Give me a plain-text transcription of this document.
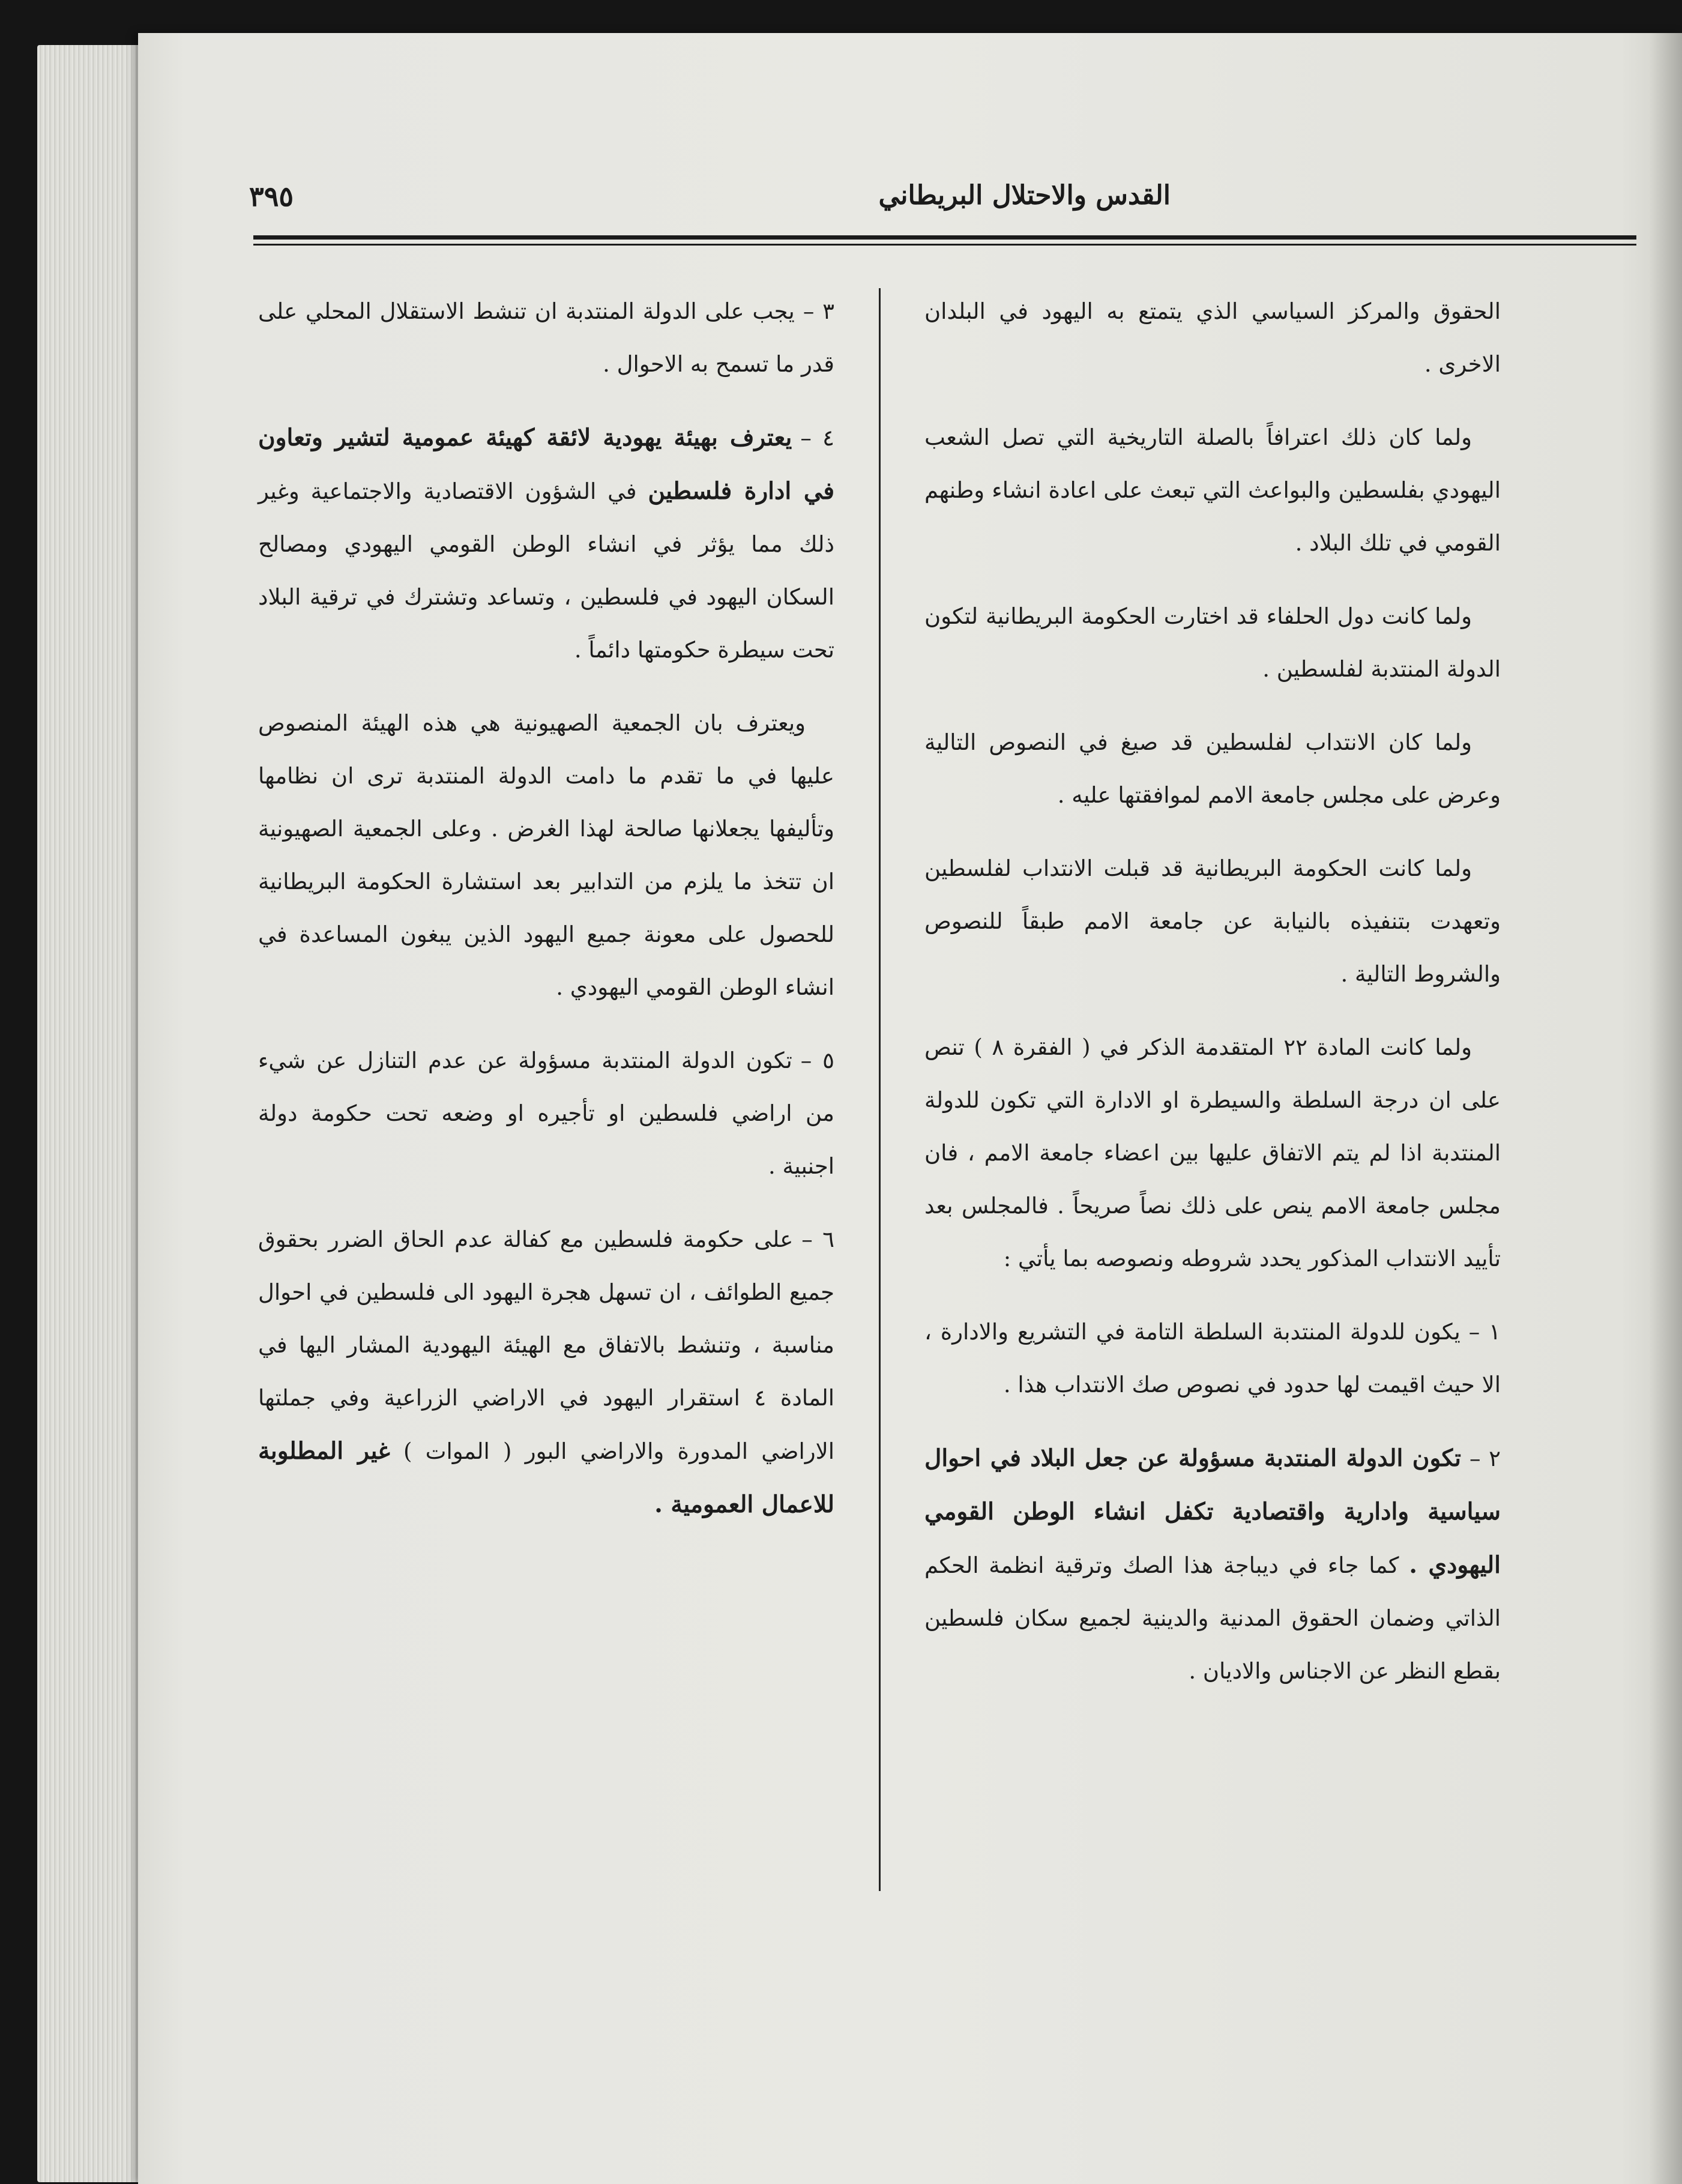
القدس والاحتلال البريطاني
٣٩٥

الحقوق والمركز السياسي الذي يتمتع به اليهود في البلدان الاخرى .

ولما كان ذلك اعترافاً بالصلة التاريخية التي تصل الشعب اليهودي بفلسطين والبواعث التي تبعث على اعادة انشاء وطنهم القومي في تلك البلاد .

ولما كانت دول الحلفاء قد اختارت الحكومة البريطانية لتكون الدولة المنتدبة لفلسطين .

ولما كان الانتداب لفلسطين قد صيغ في النصوص التالية وعرض على مجلس جامعة الامم لموافقتها عليه .

ولما كانت الحكومة البريطانية قد قبلت الانتداب لفلسطين وتعهدت بتنفيذه بالنيابة عن جامعة الامم طبقاً للنصوص والشروط التالية .

ولما كانت المادة ٢٢ المتقدمة الذكر في ( الفقرة ٨ ) تنص على ان درجة السلطة والسيطرة او الادارة التي تكون للدولة المنتدبة اذا لم يتم الاتفاق عليها بين اعضاء جامعة الامم ، فان مجلس جامعة الامم ينص على ذلك نصاً صريحاً . فالمجلس بعد تأييد الانتداب المذكور يحدد شروطه ونصوصه بما يأتي :

١ –يكون للدولة المنتدبة السلطة التامة في التشريع والادارة ، الا حيث اقيمت لها حدود في نصوص صك الانتداب هذا .

٢ –تكون الدولة المنتدبة مسؤولة عن جعل البلاد في احوال سياسية وادارية واقتصادية تكفل انشاء الوطن القومي اليهودي . كما جاء في ديباجة هذا الصك وترقية انظمة الحكم الذاتي وضمان الحقوق المدنية والدينية لجميع سكان فلسطين بقطع النظر عن الاجناس والاديان .

٣ –يجب على الدولة المنتدبة ان تنشط الاستقلال المحلي على قدر ما تسمح به الاحوال .

٤ –يعترف بهيئة يهودية لائقة كهيئة عمومية لتشير وتعاون في ادارة فلسطين في الشؤون الاقتصادية والاجتماعية وغير ذلك مما يؤثر في انشاء الوطن القومي اليهودي ومصالح السكان اليهود في فلسطين ، وتساعد وتشترك في ترقية البلاد تحت سيطرة حكومتها دائماً .

ويعترف بان الجمعية الصهيونية هي هذه الهيئة المنصوص عليها في ما تقدم ما دامت الدولة المنتدبة ترى ان نظامها وتأليفها يجعلانها صالحة لهذا الغرض . وعلى الجمعية الصهيونية ان تتخذ ما يلزم من التدابير بعد استشارة الحكومة البريطانية للحصول على معونة جميع اليهود الذين يبغون المساعدة في انشاء الوطن القومي اليهودي .

٥ –تكون الدولة المنتدبة مسؤولة عن عدم التنازل عن شيء من اراضي فلسطين او تأجيره او وضعه تحت حكومة دولة اجنبية .

٦ –على حكومة فلسطين مع كفالة عدم الحاق الضرر بحقوق جميع الطوائف ، ان تسهل هجرة اليهود الى فلسطين في احوال مناسبة ، وتنشط بالاتفاق مع الهيئة اليهودية المشار اليها في المادة ٤ استقرار اليهود في الاراضي الزراعية وفي جملتها الاراضي المدورة والاراضي البور ( الموات ) غير المطلوبة للاعمال العمومية .
